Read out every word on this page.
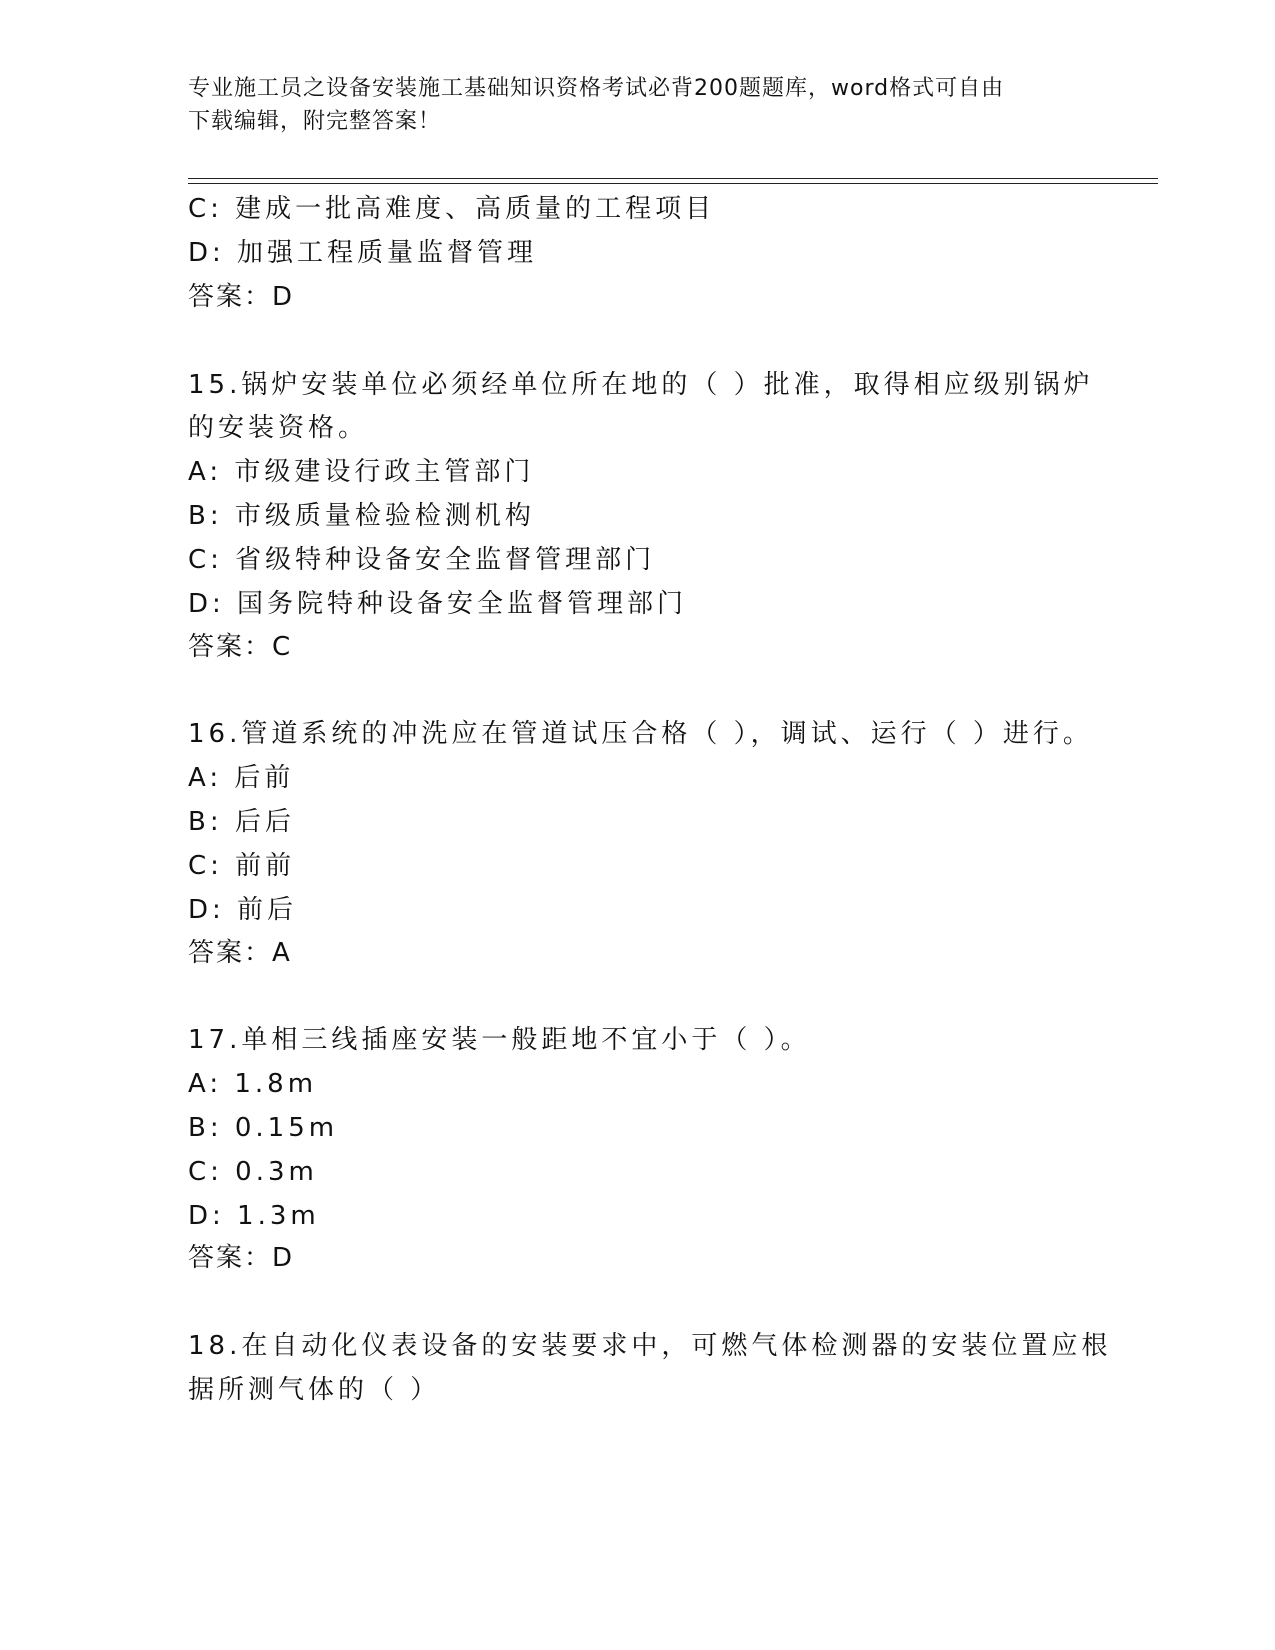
专业施工员之设备安装施工基础知识资格考试必背200题题库，word格式可自由
下载编辑，附完整答案！
C: 建成一批高难度、高质量的工程项目
D: 加强工程质量监督管理
答案：D
15.锅炉安装单位必须经单位所在地的（ ）批准，取得相应级别锅炉
的安装资格。
A: 市级建设行政主管部门
B: 市级质量检验检测机构
C: 省级特种设备安全监督管理部门
D: 国务院特种设备安全监督管理部门
答案：C
16.管道系统的冲洗应在管道试压合格（ ），调试、运行（ ）进行。
A: 后前
B: 后后
C: 前前
D: 前后
答案：A
17.单相三线插座安装一般距地不宜小于（ ）。
A: 1.8m
B: 0.15m
C: 0.3m
D: 1.3m
答案：D
18.在自动化仪表设备的安装要求中，可燃气体检测器的安装位置应根
据所测气体的（ ）
